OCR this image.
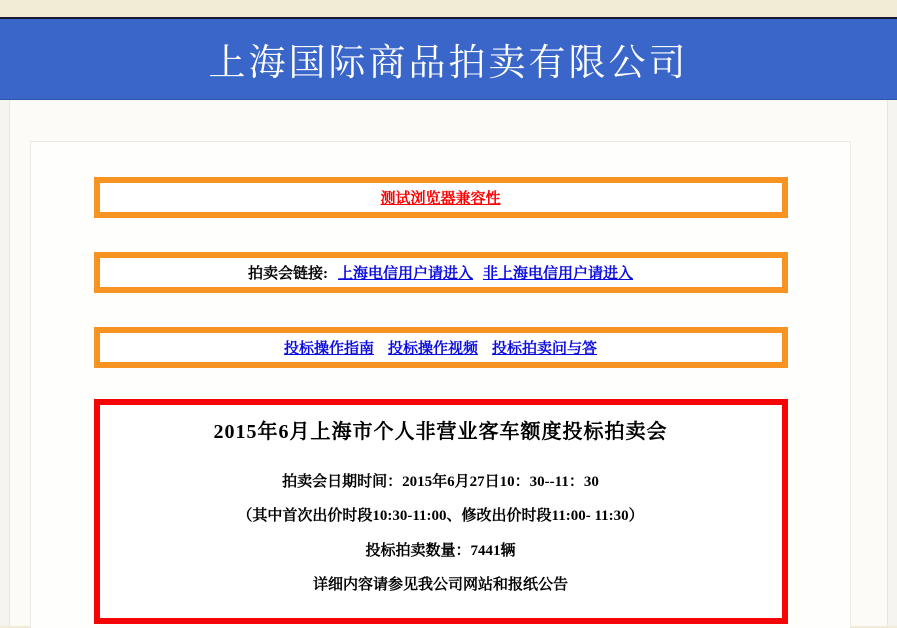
上海国际商品拍卖有限公司
测试浏览器兼容性
拍卖会链接: 上海电信用户请进入 非上海电信用户请进入
投标操作指南 投标操作视频 投标拍卖问与答
2015年6月上海市个人非营业客车额度投标拍卖会
拍卖会日期时间：2015年6月27日10：30--11：30
（其中首次出价时段10:30-11:00、修改出价时段11:00- 11:30）
投标拍卖数量：7441辆
详细内容请参见我公司网站和报纸公告
